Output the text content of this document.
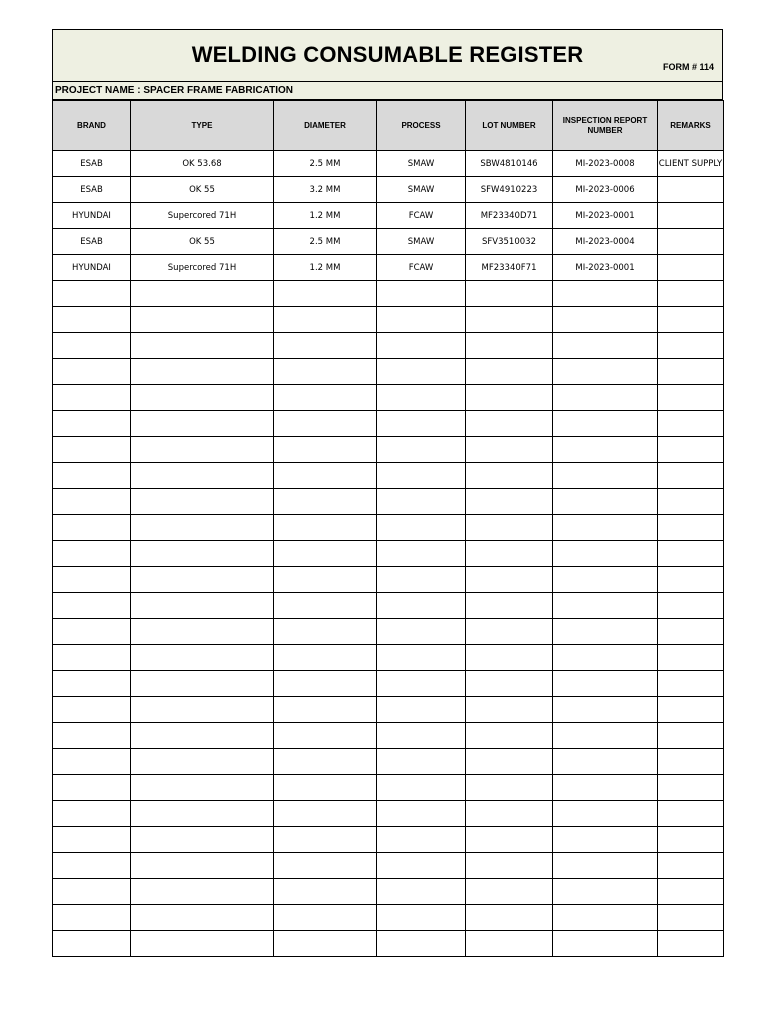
WELDING CONSUMABLE REGISTER	FORM # 114
PROJECT NAME : SPACER FRAME FABRICATION
BRAND	TYPE	DIAMETER	PROCESS	LOT NUMBER	INSPECTION REPORT NUMBER	REMARKS
ESAB	OK 53.68	2.5 MM	SMAW	SBW4810146	MI-2023-0008	CLIENT SUPPLY
ESAB	OK 55	3.2 MM	SMAW	SFW4910223	MI-2023-0006	
HYUNDAI	Supercored 71H	1.2 MM	FCAW	MF23340D71	MI-2023-0001	
ESAB	OK 55	2.5 MM	SMAW	SFV3510032	MI-2023-0004	
HYUNDAI	Supercored 71H	1.2 MM	FCAW	MF23340F71	MI-2023-0001	
